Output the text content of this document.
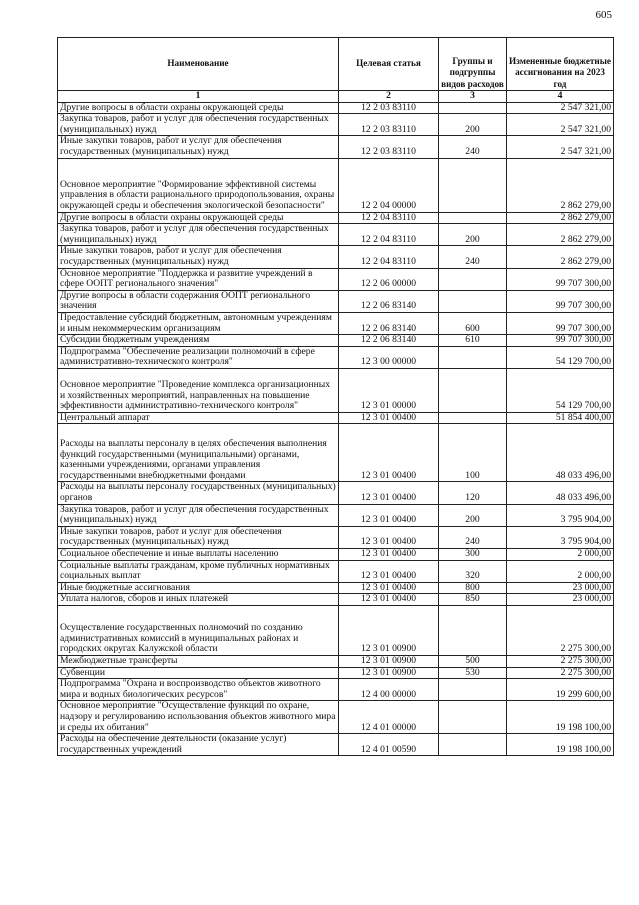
605
Наименование	Целевая статья	Группы и подгруппы видов расходов	Измененные бюджетные ассигнования на 2023 год
1	2	3	4
Другие вопросы в области охраны окружающей среды	12 2 03 83110		2 547 321,00
Закупка товаров, работ и услуг для обеспечения государственных (муниципальных) нужд	12 2 03 83110	200	2 547 321,00
Иные закупки товаров, работ и услуг для обеспечения государственных (муниципальных) нужд	12 2 03 83110	240	2 547 321,00
Основное мероприятие "Формирование эффективной системы управления в области рационального природопользования, охраны окружающей среды и обеспечения экологической безопасности"	12 2 04 00000		2 862 279,00
Другие вопросы в области охраны окружающей среды	12 2 04 83110		2 862 279,00
Закупка товаров, работ и услуг для обеспечения государственных (муниципальных) нужд	12 2 04 83110	200	2 862 279,00
Иные закупки товаров, работ и услуг для обеспечения государственных (муниципальных) нужд	12 2 04 83110	240	2 862 279,00
Основное мероприятие "Поддержка и развитие учреждений в сфере ООПТ регионального значения"	12 2 06 00000		99 707 300,00
Другие вопросы в области содержания ООПТ регионального значения	12 2 06 83140		99 707 300,00
Предоставление субсидий бюджетным, автономным учреждениям и иным некоммерческим организациям	12 2 06 83140	600	99 707 300,00
Субсидии бюджетным учреждениям	12 2 06 83140	610	99 707 300,00
Подпрограмма "Обеспечение реализации полномочий в сфере административно-технического контроля"	12 3 00 00000		54 129 700,00
Основное мероприятие "Проведение комплекса организационных и хозяйственных мероприятий, направленных на повышение эффективности административно-технического контроля"	12 3 01 00000		54 129 700,00
Центральный аппарат	12 3 01 00400		51 854 400,00
Расходы на выплаты персоналу в целях обеспечения выполнения функций государственными (муниципальными) органами, казенными учреждениями, органами управления государственными внебюджетными фондами	12 3 01 00400	100	48 033 496,00
Расходы на выплаты персоналу государственных (муниципальных) органов	12 3 01 00400	120	48 033 496,00
Закупка товаров, работ и услуг для обеспечения государственных (муниципальных) нужд	12 3 01 00400	200	3 795 904,00
Иные закупки товаров, работ и услуг для обеспечения государственных (муниципальных) нужд	12 3 01 00400	240	3 795 904,00
Социальное обеспечение и иные выплаты населению	12 3 01 00400	300	2 000,00
Социальные выплаты гражданам, кроме публичных нормативных социальных выплат	12 3 01 00400	320	2 000,00
Иные бюджетные ассигнования	12 3 01 00400	800	23 000,00
Уплата налогов, сборов и иных платежей	12 3 01 00400	850	23 000,00
Осуществление государственных полномочий по созданию административных комиссий в муниципальных районах и городских округах Калужской области	12 3 01 00900		2 275 300,00
Межбюджетные трансферты	12 3 01 00900	500	2 275 300,00
Субвенции	12 3 01 00900	530	2 275 300,00
Подпрограмма "Охрана и воспроизводство объектов животного мира и водных биологических ресурсов"	12 4 00 00000		19 299 600,00
Основное мероприятие "Осуществление функций по охране, надзору и регулированию использования объектов животного мира и среды их обитания"	12 4 01 00000		19 198 100,00
Расходы на обеспечение деятельности (оказание услуг) государственных учреждений	12 4 01 00590		19 198 100,00
